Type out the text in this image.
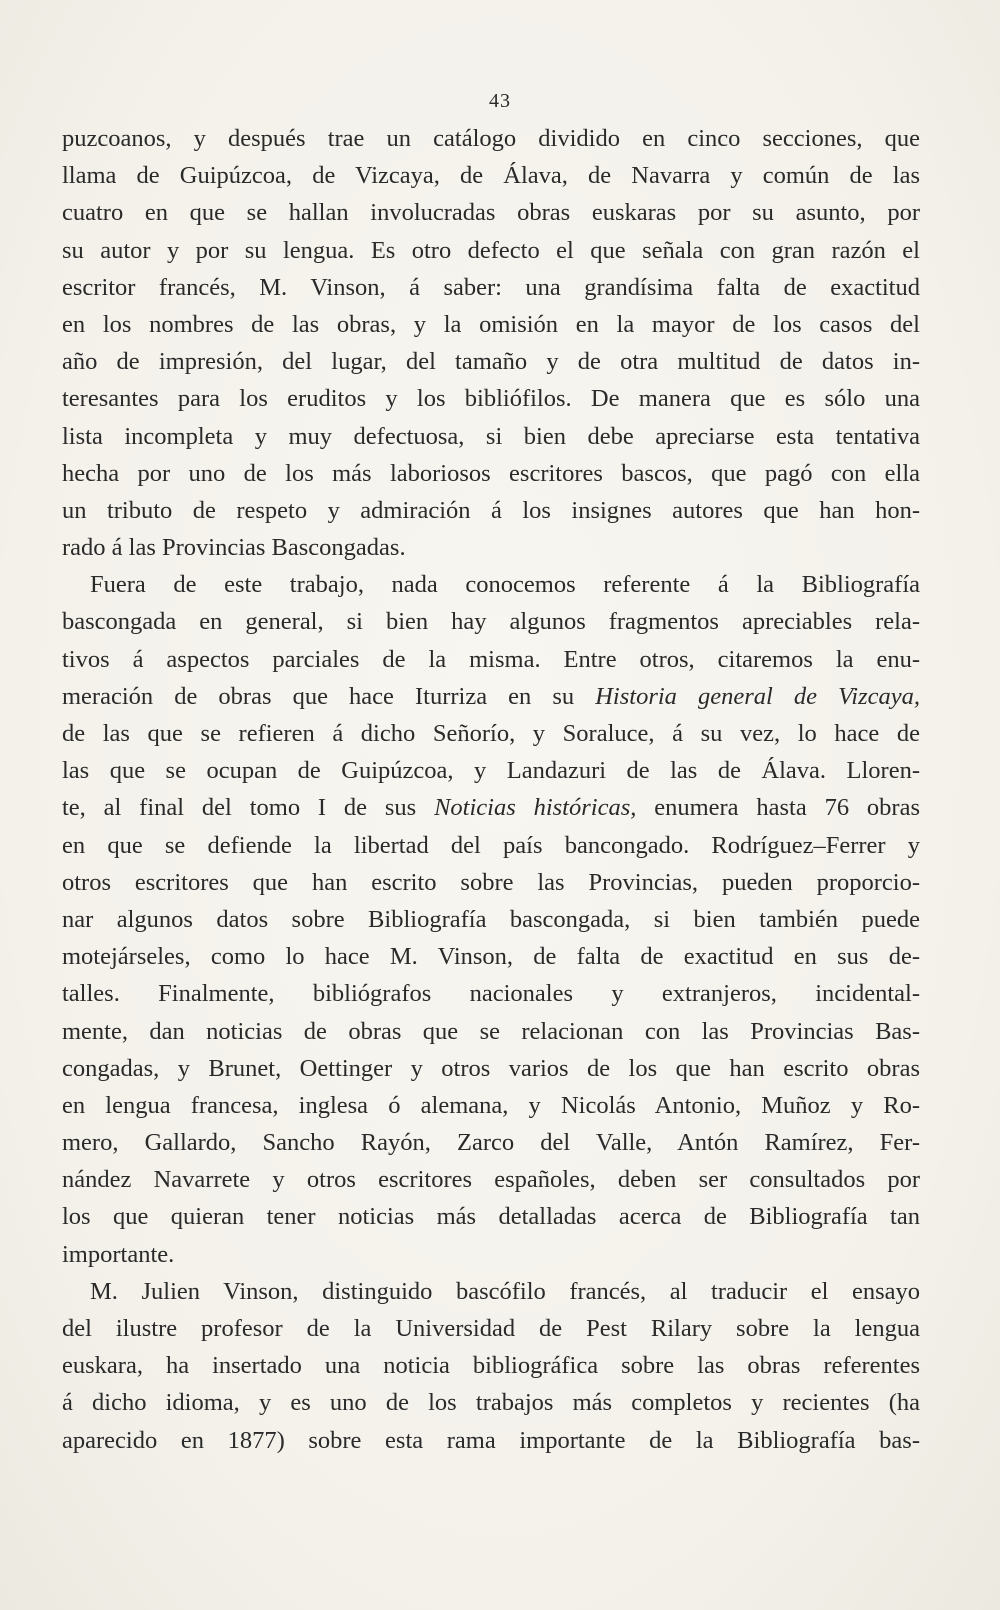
43
puzcoanos, y después trae un catálogo dividido en cinco secciones, que
llama de Guipúzcoa, de Vizcaya, de Álava, de Navarra y común de las
cuatro en que se hallan involucradas obras euskaras por su asunto, por
su autor y por su lengua. Es otro defecto el que señala con gran razón el
escritor francés, M. Vinson, á saber: una grandísima falta de exactitud
en los nombres de las obras, y la omisión en la mayor de los casos del
año de impresión, del lugar, del tamaño y de otra multitud de datos in-
teresantes para los eruditos y los bibliófilos. De manera que es sólo una
lista incompleta y muy defectuosa, si bien debe apreciarse esta tentativa
hecha por uno de los más laboriosos escritores bascos, que pagó con ella
un tributo de respeto y admiración á los insignes autores que han hon-
rado á las Provincias Bascongadas.
Fuera de este trabajo, nada conocemos referente á la Bibliografía
bascongada en general, si bien hay algunos fragmentos apreciables rela-
tivos á aspectos parciales de la misma. Entre otros, citaremos la enu-
meración de obras que hace Iturriza en su Historia general de Vizcaya,
de las que se refieren á dicho Señorío, y Soraluce, á su vez, lo hace de
las que se ocupan de Guipúzcoa, y Landazuri de las de Álava. Lloren-
te, al final del tomo I de sus Noticias históricas, enumera hasta 76 obras
en que se defiende la libertad del país bancongado. Rodríguez–Ferrer y
otros escritores que han escrito sobre las Provincias, pueden proporcio-
nar algunos datos sobre Bibliografía bascongada, si bien también puede
motejárseles, como lo hace M. Vinson, de falta de exactitud en sus de-
talles. Finalmente, bibliógrafos nacionales y extranjeros, incidental-
mente, dan noticias de obras que se relacionan con las Provincias Bas-
congadas, y Brunet, Oettinger y otros varios de los que han escrito obras
en lengua francesa, inglesa ó alemana, y Nicolás Antonio, Muñoz y Ro-
mero, Gallardo, Sancho Rayón, Zarco del Valle, Antón Ramírez, Fer-
nández Navarrete y otros escritores españoles, deben ser consultados por
los que quieran tener noticias más detalladas acerca de Bibliografía tan
importante.
M. Julien Vinson, distinguido bascófilo francés, al traducir el ensayo
del ilustre profesor de la Universidad de Pest Rilary sobre la lengua
euskara, ha insertado una noticia bibliográfica sobre las obras referentes
á dicho idioma, y es uno de los trabajos más completos y recientes (ha
aparecido en 1877) sobre esta rama importante de la Bibliografía bas-
